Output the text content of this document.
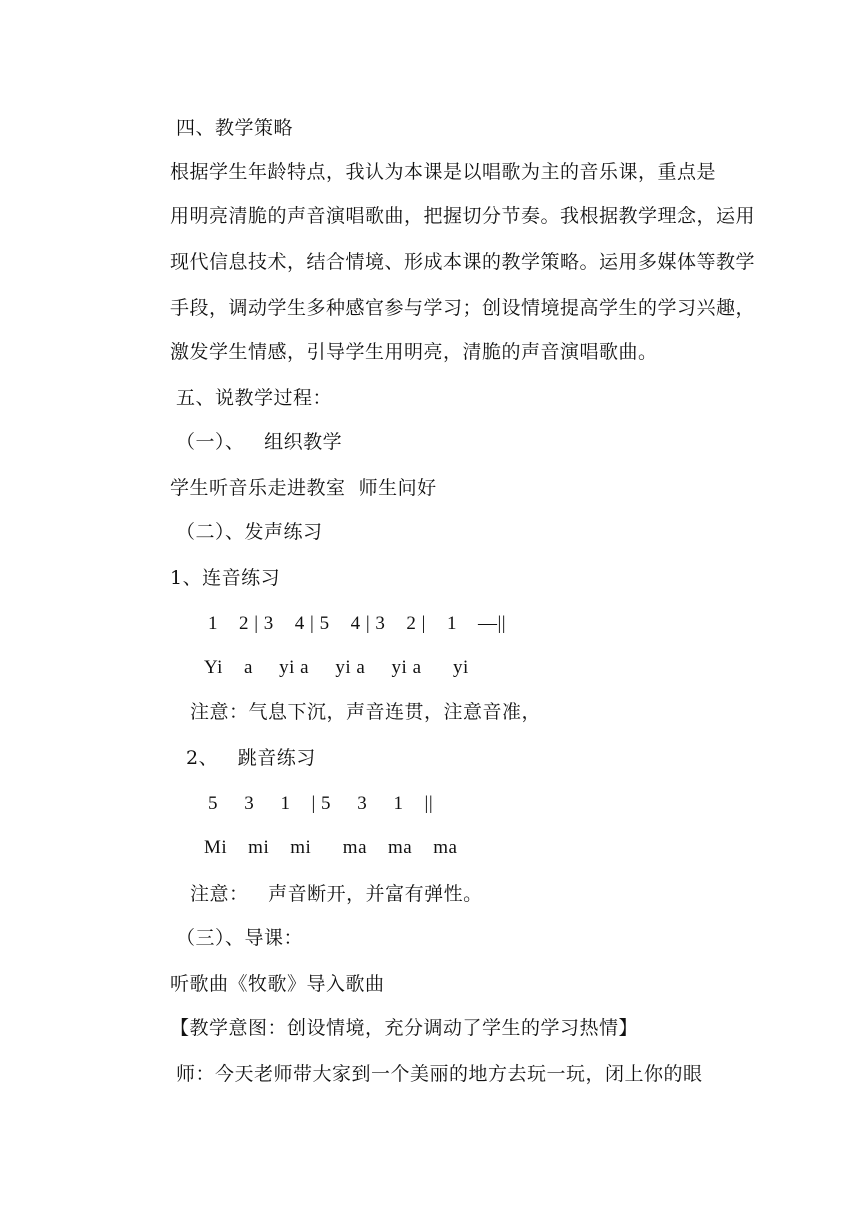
四、教学策略
根据学生年龄特点，我认为本课是以唱歌为主的音乐课，重点是
用明亮清脆的声音演唱歌曲，把握切分节奏。我根据教学理念，运用
现代信息技术，结合情境、形成本课的教学策略。运用多媒体等教学
手段，调动学生多种感官参与学习；创设情境提高学生的学习兴趣，
激发学生情感，引导学生用明亮，清脆的声音演唱歌曲。
五、说教学过程：
（一）、   组织教学
学生听音乐走进教室  师生问好
（二）、发声练习
1、连音练习
1    2 | 3    4 | 5    4 | 3    2 |    1    —||
Yi    a     yi a     yi a     yi a      yi
注意：气息下沉，声音连贯，注意音准，
2、   跳音练习
5     3     1    | 5     3     1    ||
Mi    mi    mi      ma    ma    ma
注意：   声音断开，并富有弹性。
（三）、导课：
听歌曲《牧歌》导入歌曲
【教学意图：创设情境，充分调动了学生的学习热情】
师：今天老师带大家到一个美丽的地方去玩一玩，闭上你的眼
